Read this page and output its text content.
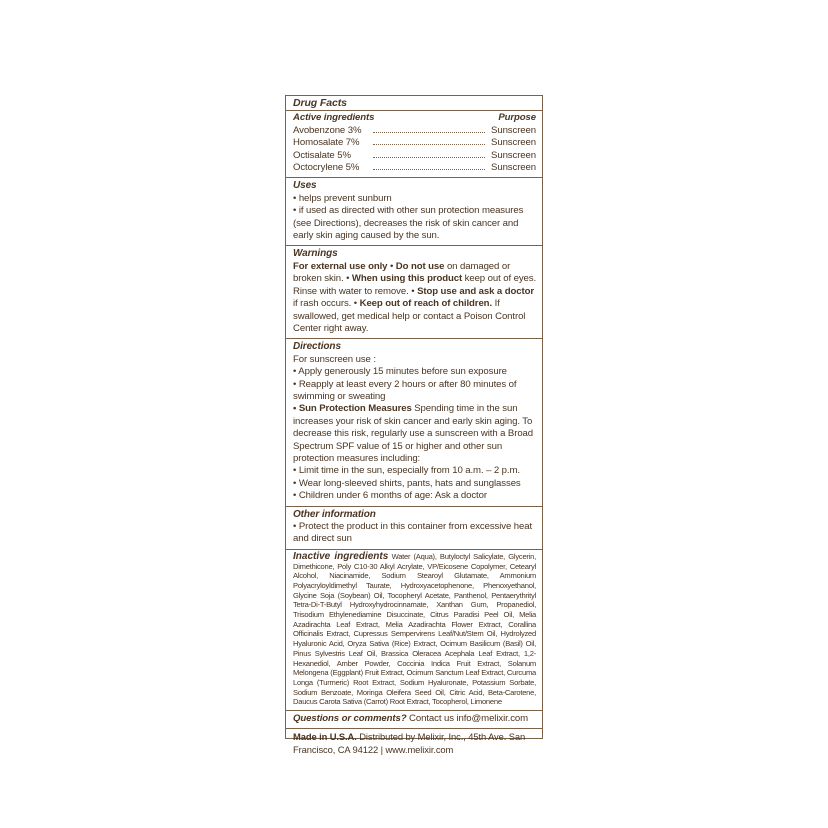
Drug Facts
Active ingredients	Purpose
Avobenzone 3%	Sunscreen
Homosalate 7%	Sunscreen
Octisalate 5%	Sunscreen
Octocrylene 5%	Sunscreen
Uses

• helps prevent sunburn

• if used as directed with other sun protection measures (see Directions), decreases the risk of skin cancer and early skin aging caused by the sun.

Warnings

For external use only • Do not use on damaged or broken skin. • When using this product keep out of eyes. Rinse with water to remove. • Stop use and ask a doctor if rash occurs. • Keep out of reach of children. If swallowed, get medical help or contact a Poison Control Center right away.

Directions

For sunscreen use :

• Apply generously 15 minutes before sun exposure

• Reapply at least every 2 hours or after 80 minutes of swimming or sweating

• Sun Protection Measures Spending time in the sun increases your risk of skin cancer and early skin aging. To decrease this risk, regularly use a sunscreen with a Broad Spectrum SPF value of 15 or higher and other sun protection measures including:

• Limit time in the sun, especially from 10 a.m. – 2 p.m.

• Wear long-sleeved shirts, pants, hats and sunglasses

• Children under 6 months of age: Ask a doctor

Other information

• Protect the product in this container from excessive heat and direct sun

Inactive ingredients Water (Aqua), Butyloctyl Salicylate, Glycerin, Dimethicone, Poly C10-30 Alkyl Acrylate, VP/Eicosene Copolymer, Cetearyl Alcohol, Niacinamide, Sodium Stearoyl Glutamate, Ammonium Polyacryloyldimethyl Taurate, Hydroxyacetophenone, Phenoxyethanol, Glycine Soja (Soybean) Oil, Tocopheryl Acetate, Panthenol, Pentaerythrityl Tetra-Di-T-Butyl Hydroxyhydrocinnamate, Xanthan Gum, Propanediol, Trisodium Ethylenediamine Disuccinate, Citrus Paradisi Peel Oil, Melia Azadirachta Leaf Extract, Melia Azadirachta Flower Extract, Corallina Officinalis Extract, Cupressus Sempervirens Leaf/Nut/Stem Oil, Hydrolyzed Hyaluronic Acid, Oryza Sativa (Rice) Extract, Ocimum Basilicum (Basil) Oil, Pinus Sylvestris Leaf Oil, Brassica Oleracea Acephala Leaf Extract, 1,2-Hexanediol, Amber Powder, Coccinia Indica Fruit Extract, Solanum Melongena (Eggplant) Fruit Extract, Ocimum Sanctum Leaf Extract, Curcuma Longa (Turmeric) Root Extract, Sodium Hyaluronate, Potassium Sorbate, Sodium Benzoate, Moringa Oleifera Seed Oil, Citric Acid, Beta-Carotene, Daucus Carota Sativa (Carrot) Root Extract, Tocopherol, Limonene
Questions or comments? Contact us info@melixir.com
Made in U.S.A. Distributed by Melixir, Inc., 45th Ave. San Francisco, CA 94122 | www.melixir.com
